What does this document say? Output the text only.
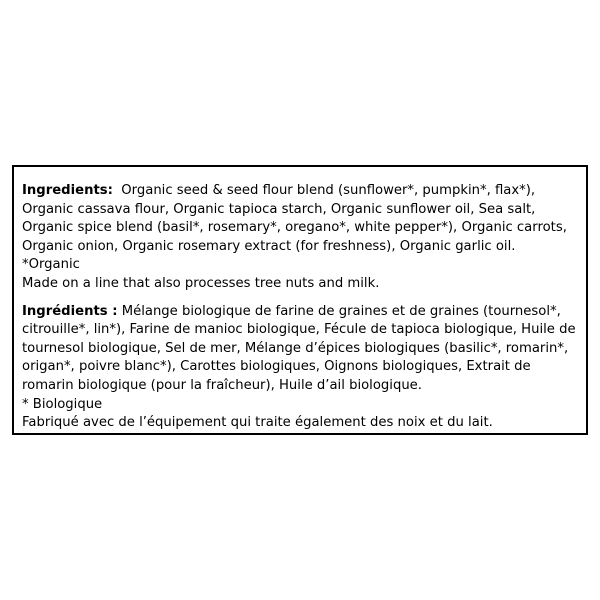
Ingredients: Organic seed & seed flour blend (sunflower*, pumpkin*, flax*), Organic cassava flour, Organic tapioca starch, Organic sunflower oil, Sea salt, Organic spice blend (basil*, rosemary*, oregano*, white pepper*), Organic carrots, Organic onion, Organic rosemary extract (for freshness), Organic garlic oil.

*Organic

Made on a line that also processes tree nuts and milk.

Ingrédients : Mélange biologique de farine de graines et de graines (tournesol*, citrouille*, lin*), Farine de manioc biologique, Fécule de tapioca biologique, Huile de tournesol biologique, Sel de mer, Mélange d’épices biologiques (basilic*, romarin*, origan*, poivre blanc*), Carottes biologiques, Oignons biologiques, Extrait de romarin biologique (pour la fraîcheur), Huile d’ail biologique.

* Biologique

Fabriqué avec de l’équipement qui traite également des noix et du lait.
